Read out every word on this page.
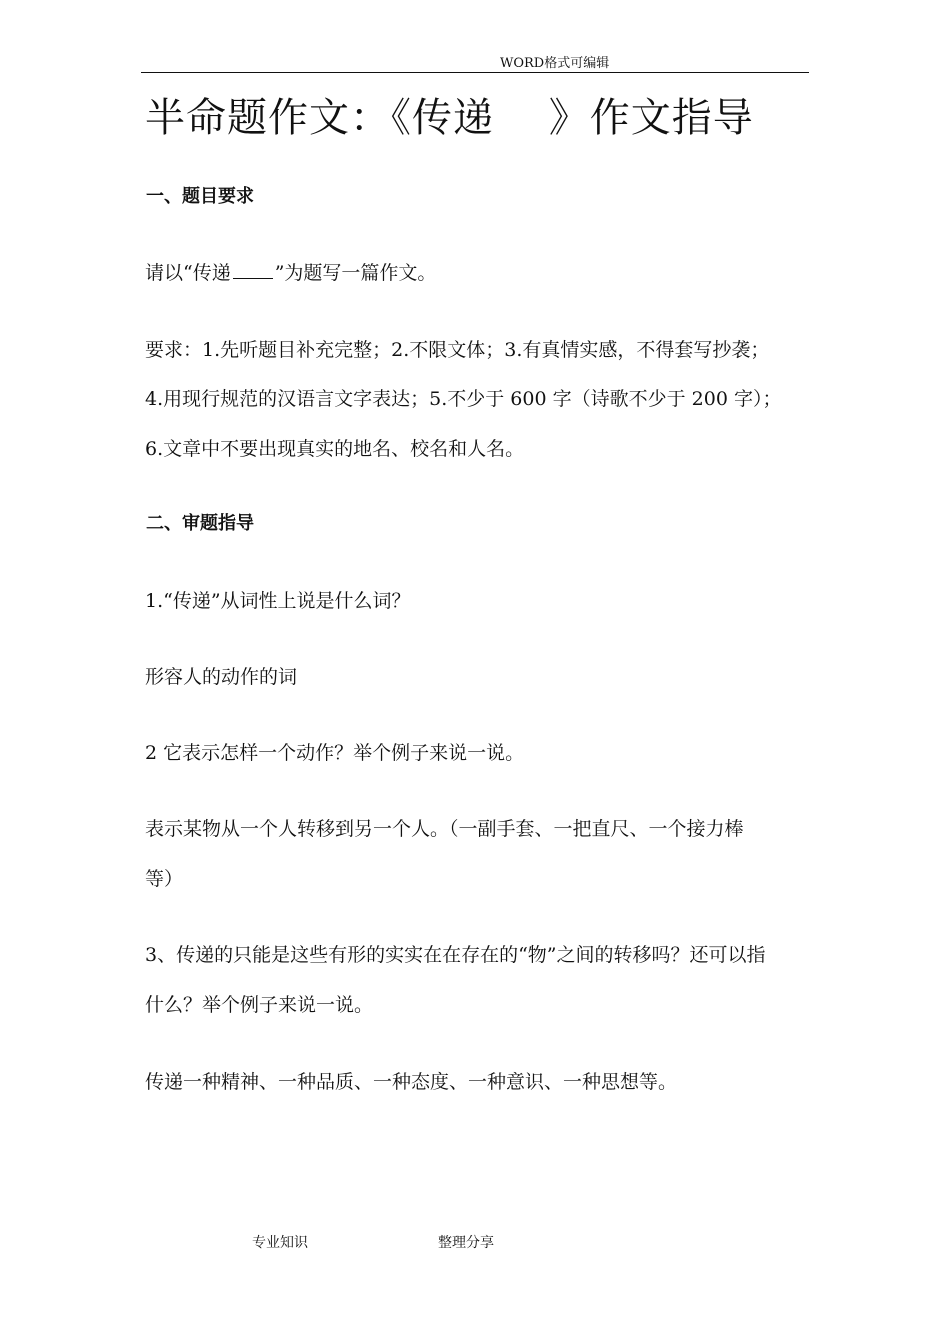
WORD格式可编辑
半命题作文：《传递　 》作文指导
一、题目要求
请以“传递 ”为题写一篇作文。
要求：1.先听题目补充完整；2.不限文体；3.有真情实感，不得套写抄袭；
4.用现行规范的汉语言文字表达；5.不少于 600 字（诗歌不少于 200 字）；
6.文章中不要出现真实的地名、校名和人名。
二、审题指导
1.“传递”从词性上说是什么词？
形容人的动作的词
2 它表示怎样一个动作？举个例子来说一说。
表示某物从一个人转移到另一个人。（一副手套、一把直尺、一个接力棒
等）
3、传递的只能是这些有形的实实在在存在的“物”之间的转移吗？还可以指
什么？举个例子来说一说。
传递一种精神、一种品质、一种态度、一种意识、一种思想等。
专业知识	整理分享
